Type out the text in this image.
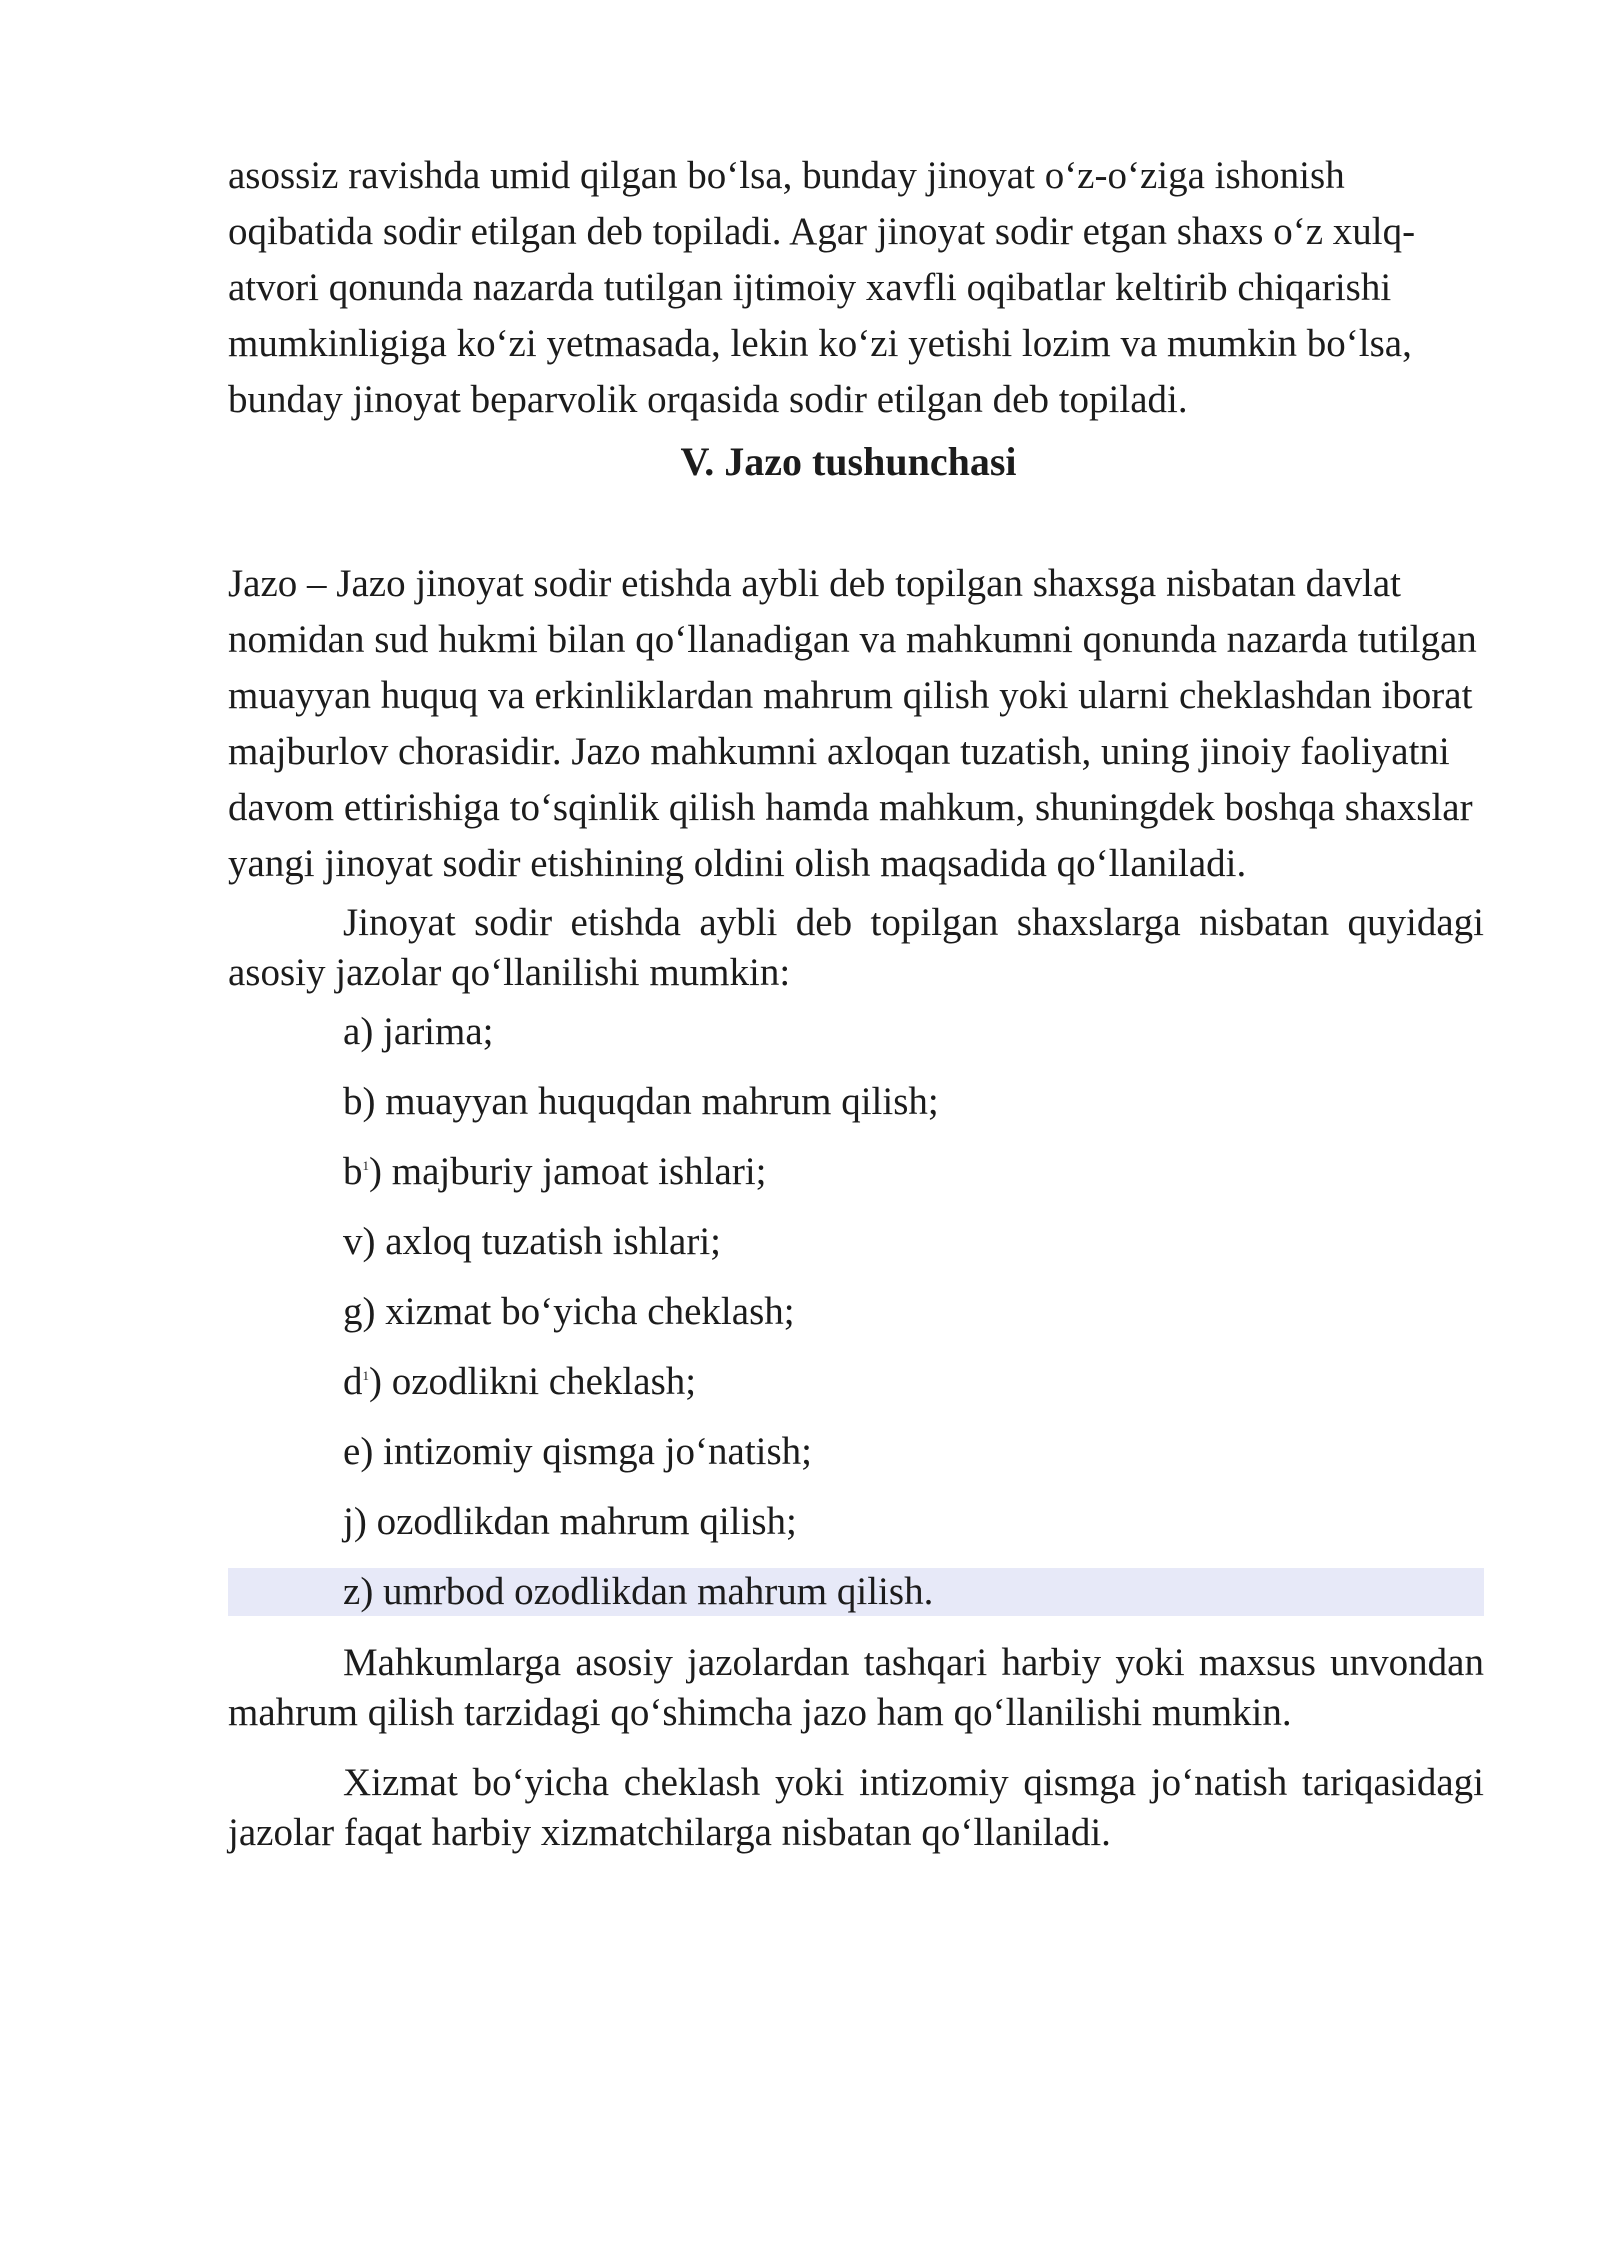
asossiz ravishda umid qilgan bo‘lsa, bunday jinoyat o‘z-o‘ziga ishonish oqibatida sodir etilgan deb topiladi. Agar jinoyat sodir etgan shaxs o‘z xulq-atvori qonunda nazarda tutilgan ijtimoiy xavfli oqibatlar keltirib chiqarishi mumkinligiga ko‘zi yetmasada, lekin ko‘zi yetishi lozim va mumkin bo‘lsa, bunday jinoyat beparvolik orqasida sodir etilgan deb topiladi.

V. Jazo tushunchasi

Jazo – Jazo jinoyat sodir etishda aybli deb topilgan shaxsga nisbatan davlat nomidan sud hukmi bilan qo‘llanadigan va mahkumni qonunda nazarda tutilgan muayyan huquq va erkinliklardan mahrum qilish yoki ularni cheklashdan iborat majburlov chorasidir. Jazo mahkumni axloqan tuzatish, uning jinoiy faoliyatni davom ettirishiga to‘sqinlik qilish hamda mahkum, shuningdek boshqa shaxslar yangi jinoyat sodir etishining oldini olish maqsadida qo‘llaniladi.

Jinoyat sodir etishda aybli deb topilgan shaxslarga nisbatan quyidagi asosiy jazolar qo‘llanilishi mumkin:

a) jarima;
b) muayyan huquqdan mahrum qilish;
$b^1$) majburiy jamoat ishlari;
v) axloq tuzatish ishlari;
g) xizmat bo‘yicha cheklash;
$d^1$) ozodlikni cheklash;
e) intizomiy qismga jo‘natish;
j) ozodlikdan mahrum qilish;
z) umrbod ozodlikdan mahrum qilish.

Mahkumlarga asosiy jazolardan tashqari harbiy yoki maxsus unvondan mahrum qilish tarzidagi qo‘shimcha jazo ham qo‘llanilishi mumkin.

Xizmat bo‘yicha cheklash yoki intizomiy qismga jo‘natish tariqasidagi jazolar faqat harbiy xizmatchilarga nisbatan qo‘llaniladi.
